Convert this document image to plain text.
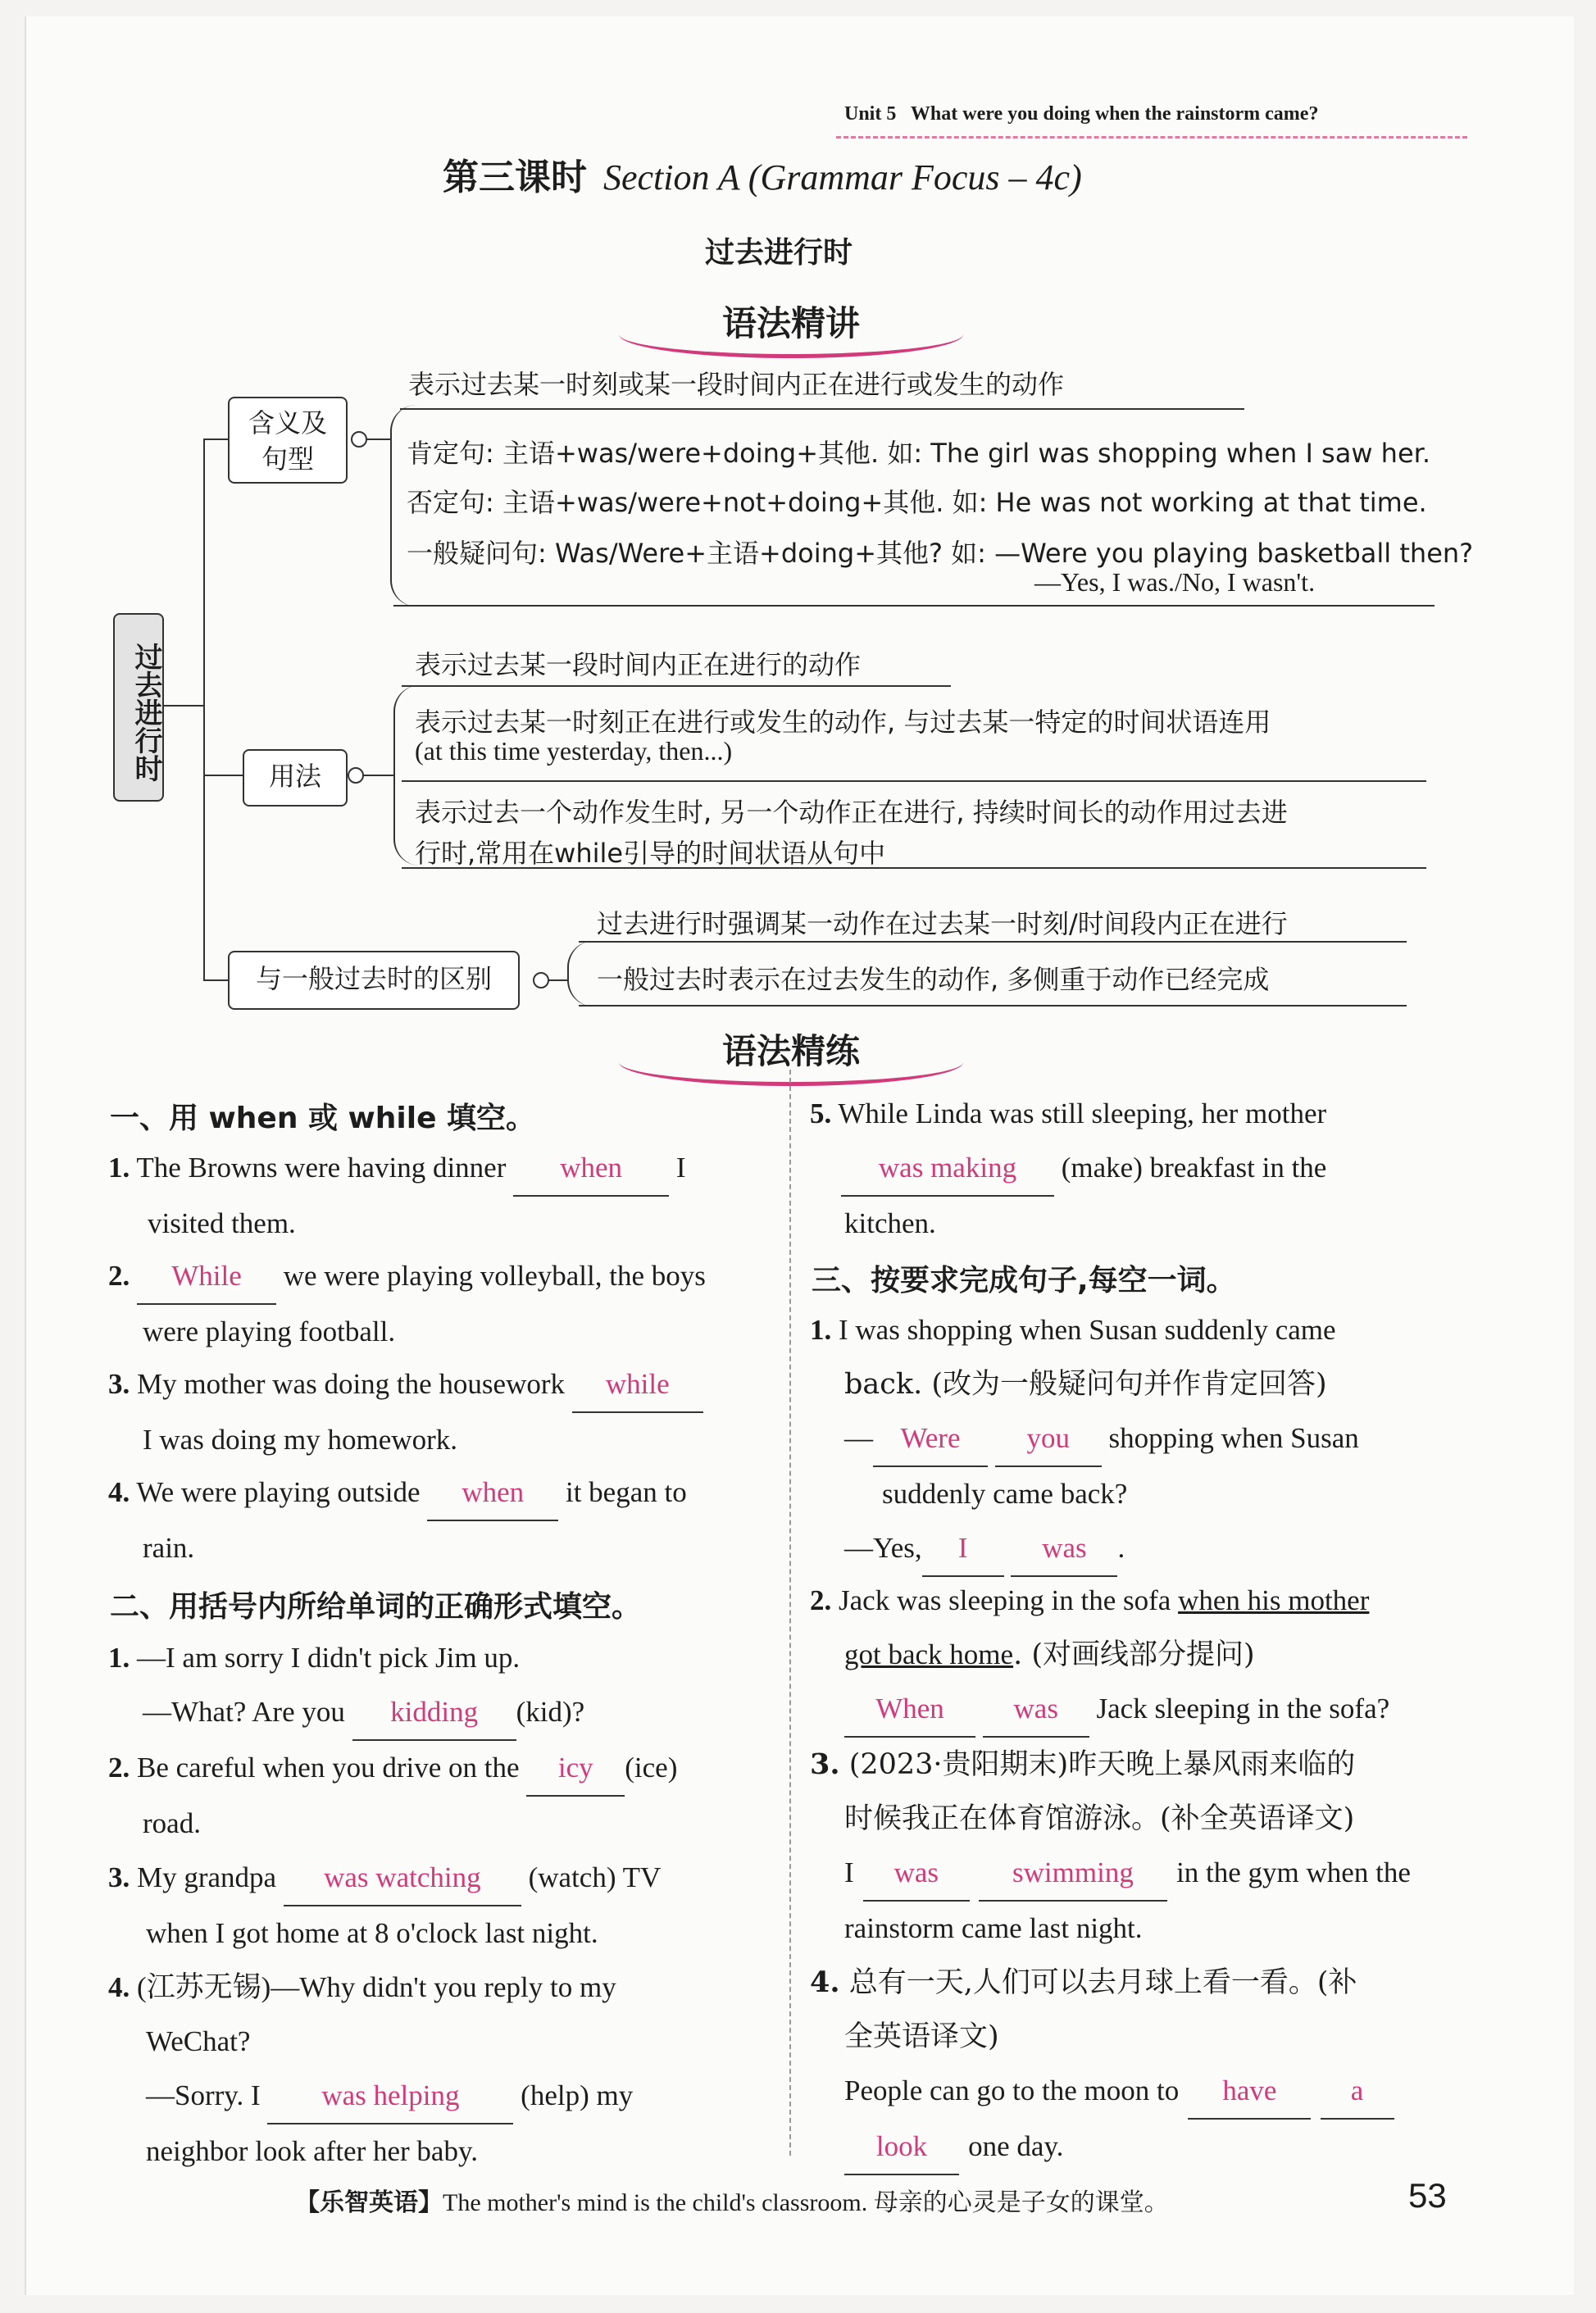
Unit 5 What were you doing when the rainstorm came?
第三课时 Section A (Grammar Focus – 4c)
过去进行时
语法精讲
过去进行时
含义及句型
表示过去某一时刻或某一段时间内正在进行或发生的动作
肯定句: 主语+was/were+doing+其他. 如: The girl was shopping when I saw her.
否定句: 主语+was/were+not+doing+其他. 如: He was not working at that time.
一般疑问句: Was/Were+主语+doing+其他? 如: —Were you playing basketball then?
—Yes, I was./No, I wasn't.
用法
表示过去某一段时间内正在进行的动作
表示过去某一时刻正在进行或发生的动作, 与过去某一特定的时间状语连用
(at this time yesterday, then...)
表示过去一个动作发生时, 另一个动作正在进行, 持续时间长的动作用过去进
行时,常用在while引导的时间状语从句中
与一般过去时的区别
过去进行时强调某一动作在过去某一时刻/时间段内正在进行
一般过去时表示在过去发生的动作, 多侧重于动作已经完成
语法精练
一、用 when 或 while 填空。
1. The Browns were having dinner when I
visited them.
2. While we were playing volleyball, the boys
were playing football.
3. My mother was doing the housework while
I was doing my homework.
4. We were playing outside when it began to
rain.
二、用括号内所给单词的正确形式填空。
1. —I am sorry I didn't pick Jim up.
—What? Are you kidding (kid)?
2. Be careful when you drive on the icy (ice)
road.
3. My grandpa was watching (watch) TV
when I got home at 8 o'clock last night.
4. (江苏无锡)—Why didn't you reply to my
WeChat?
—Sorry. I was helping (help) my
neighbor look after her baby.
5. While Linda was still sleeping, her mother
was making (make) breakfast in the
kitchen.
三、按要求完成句子,每空一词。
1. I was shopping when Susan suddenly came
back. (改为一般疑问句并作肯定回答)
— Were you shopping when Susan
suddenly came back?
—Yes, I	was .
2. Jack was sleeping in the sofa when his mother
got back home. (对画线部分提问)
When was Jack sleeping in the sofa?
3. (2023·贵阳期末)昨天晚上暴风雨来临的
时候我正在体育馆游泳。(补全英语译文)
I was	swimming in the gym when the
rainstorm came last night.
4. 总有一天,人们可以去月球上看一看。(补
全英语译文)
People can go to the moon to have	a
look one day.
【乐智英语】The mother's mind is the child's classroom. 母亲的心灵是子女的课堂。	53
